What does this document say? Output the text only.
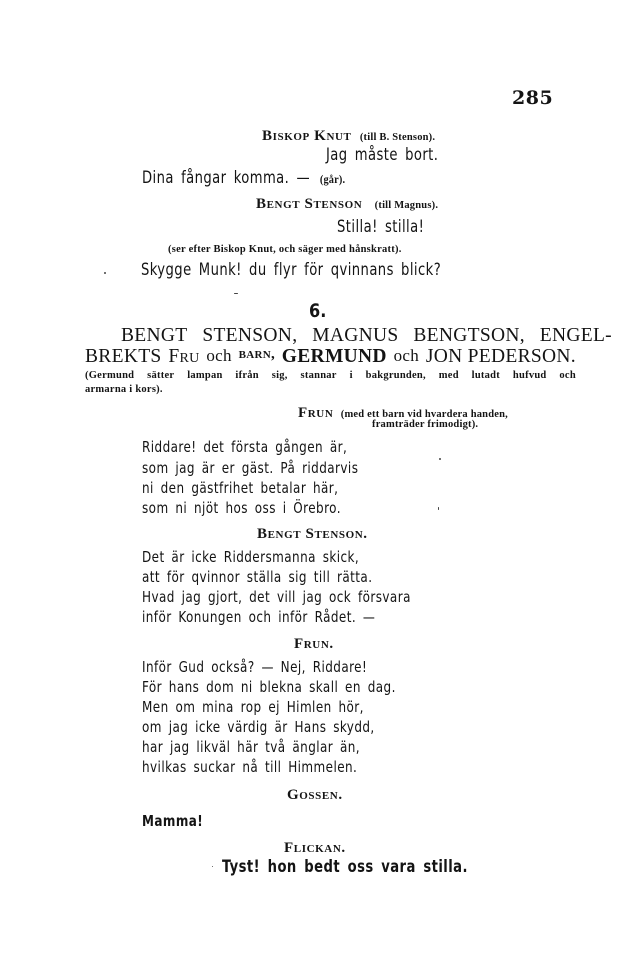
285
Biskop Knut (till B. Stenson).
Jag måste bort.
Dina fångar komma. — (går).
Bengt Stenson (till Magnus).
Stilla! stilla!
(ser efter Biskop Knut, och säger med hånskratt).
Skygge Munk! du flyr för qvinnans blick?
6.
BENGT STENSON, MAGNUS BENGTSON, ENGEL-
BREKTS Fru och barn, GERMUND och JON PEDERSON.
(Germund sätter lampan ifrån sig, stannar i bakgrunden, med lutadt hufvud och
armarna i kors).
Frun (med ett barn vid hvardera handen,
framträder frimodigt).
Riddare! det första gången är,
som jag är er gäst. På riddarvis
ni den gästfrihet betalar här,
som ni njöt hos oss i Örebro.
Bengt Stenson.
Det är icke Riddersmanna skick,
att för qvinnor ställa sig till rätta.
Hvad jag gjort, det vill jag ock försvara
inför Konungen och inför Rådet. —
Frun.
Inför Gud också? — Nej, Riddare!
För hans dom ni blekna skall en dag.
Men om mina rop ej Himlen hör,
om jag icke värdig är Hans skydd,
har jag likväl här två änglar än,
hvilkas suckar nå till Himmelen.
Gossen.
Mamma!
Flickan.
Tyst! hon bedt oss vara stilla.
